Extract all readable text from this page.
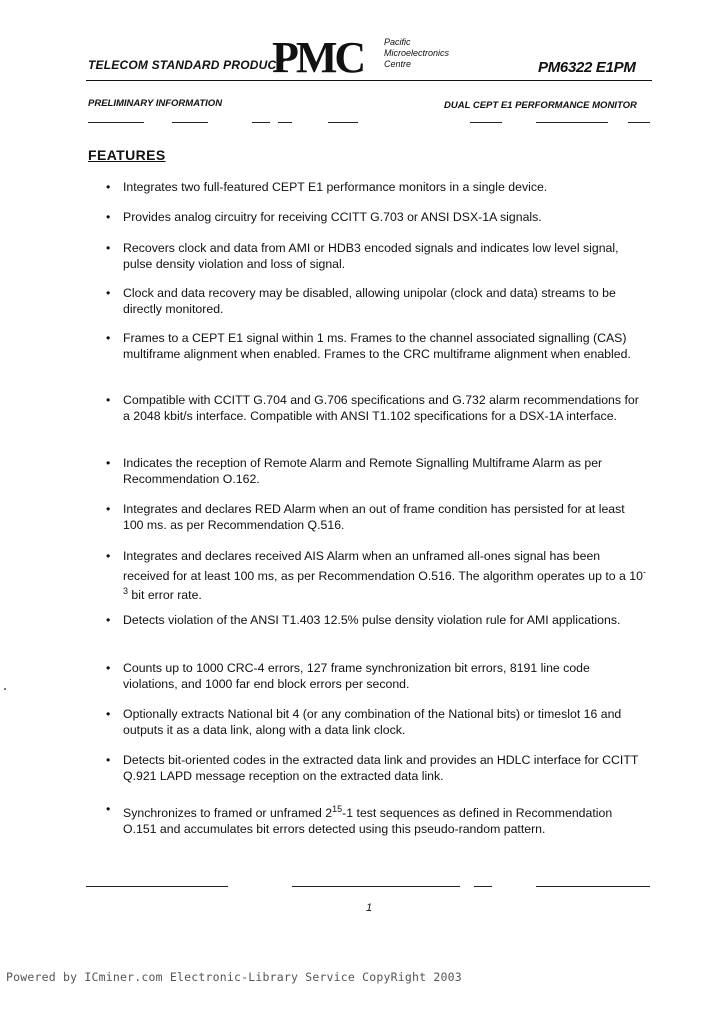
TELECOM STANDARD PRODUCT
PMC Pacific
Microelectronics
Centre	PM6322 E1PM
PRELIMINARY INFORMATION	DUAL CEPT E1 PERFORMANCE MONITOR
FEATURES
• Integrates two full-featured CEPT E1 performance monitors in a single device.
• Provides analog circuitry for receiving CCITT G.703 or ANSI DSX-1A signals.
• Recovers clock and data from AMI or HDB3 encoded signals and indicates low level signal, pulse density violation and loss of signal.
• Clock and data recovery may be disabled, allowing unipolar (clock and data) streams to be directly monitored.
• Frames to a CEPT E1 signal within 1 ms. Frames to the channel associated signalling (CAS) multiframe alignment when enabled. Frames to the CRC multiframe alignment when enabled.
• Compatible with CCITT G.704 and G.706 specifications and G.732 alarm recommendations for a 2048 kbit/s interface. Compatible with ANSI T1.102 specifications for a DSX-1A interface.
• Indicates the reception of Remote Alarm and Remote Signalling Multiframe Alarm as per Recommendation O.162.
• Integrates and declares RED Alarm when an out of frame condition has persisted for at least 100 ms. as per Recommendation Q.516.
• Integrates and declares received AIS Alarm when an unframed all-ones signal has been received for at least 100 ms, as per Recommendation O.516. The algorithm operates up to a $10^{-3}$ bit error rate.
• Detects violation of the ANSI T1.403 12.5% pulse density violation rule for AMI applications.
• Counts up to 1000 CRC-4 errors, 127 frame synchronization bit errors, 8191 line code violations, and 1000 far end block errors per second.
• Optionally extracts National bit 4 (or any combination of the National bits) or timeslot 16 and outputs it as a data link, along with a data link clock.
• Detects bit-oriented codes in the extracted data link and provides an HDLC interface for CCITT Q.921 LAPD message reception on the extracted data link.
• Synchronizes to framed or unframed $2^{15}-1$ test sequences as defined in Recommendation O.151 and accumulates bit errors detected using this pseudo-random pattern.
1
Powered by ICminer.com Electronic-Library Service CopyRight 2003
